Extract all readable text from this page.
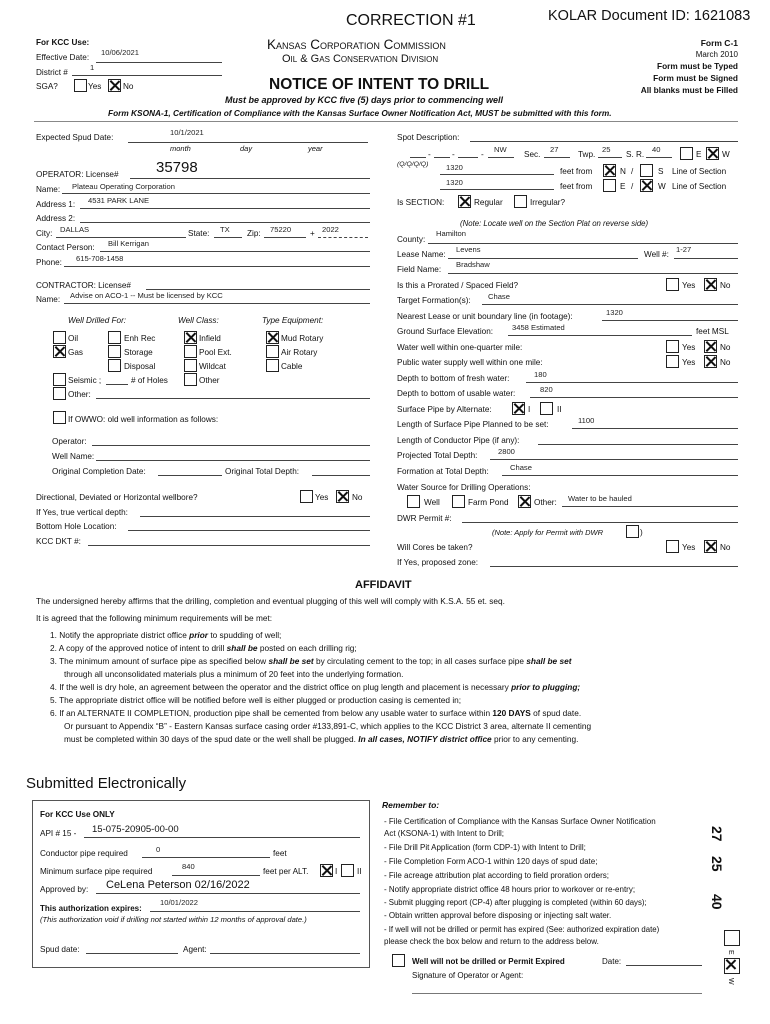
CORRECTION #1	KOLAR Document ID: 1621083
Kansas Corporation Commission
Oil & Gas Conservation Division
NOTICE OF INTENT TO DRILL
Form C-1
March 2010
Form must be Typed
Form must be Signed
All blanks must be Filled
For KCC Use:
Effective Date:
10/06/2021
District #
1
SGA?	Yes	No
Must be approved by KCC five (5) days prior to commencing well
Form KSONA-1, Certification of Compliance with the Kansas Surface Owner Notification Act, MUST be submitted with this form.
Expected Spud Date:
10/1/2021
month	day	year
OPERATOR: License# 35798
Name: Plateau Operating Corporation
Address 1: 4531 PARK LANE
Address 2:
City: DALLAS	State: TX Zip: 75220 + 2022
Contact Person: Bill Kerrigan
Phone: 615-708-1458
CONTRACTOR: License#
Name: Advise on ACO-1 -- Must be licensed by KCC
Well Drilled For:	Well Class:	Type Equipment:
Oil	Enh Rec	Infield	Mud Rotary
Gas	Storage	Pool Ext.	Air Rotary
Disposal	Wildcat	Cable
Seismic ;	# of Holes	Other
Other:
If OWWO: old well information as follows:
Operator:
Well Name:
Original Completion Date:	Original Total Depth:
Directional, Deviated or Horizontal wellbore?	Yes	No
If Yes, true vertical depth:
Bottom Hole Location:
KCC DKT #:
Spot Description:
-	-	-
NW
Sec.
27
Twp.
25
S. R.
40
E	W
(Q/Q/Q/Q) 1320	feet from	N /	S Line of Section
1320	feet from	E /	W Line of Section
Is SECTION:	Regular	Irregular?
(Note: Locate well on the Section Plat on reverse side)
County:
Hamilton
Lease Name:
Levens
Well #:
1-27
Field Name:
Bradshaw
Is this a Prorated / Spaced Field?	Yes	No
Target Formation(s): Chase
Nearest Lease or unit boundary line (in footage):	1320
Ground Surface Elevation: 3458 Estimated	feet MSL
Water well within one-quarter mile:	Yes	No
Public water supply well within one mile:	Yes	No
Depth to bottom of fresh water:	180
Depth to bottom of usable water:	820
Surface Pipe by Alternate:	I	II
Length of Surface Pipe Planned to be set:	1100
Length of Conductor Pipe (if any):
Projected Total Depth:	2800
Formation at Total Depth:	Chase
Water Source for Drilling Operations:
Well	Farm Pond	Other: Water to be hauled
DWR Permit #:
(Note: Apply for Permit with DWR	)
Will Cores be taken?	Yes	No
If Yes, proposed zone:
AFFIDAVIT

The undersigned hereby affirms that the drilling, completion and eventual plugging of this well will comply with K.S.A. 55 et. seq.

It is agreed that the following minimum requirements will be met:

1. Notify the appropriate district office prior to spudding of well;

2. A copy of the approved notice of intent to drill shall be posted on each drilling rig;

3. The minimum amount of surface pipe as specified below shall be set by circulating cement to the top; in all cases surface pipe shall be set

through all unconsolidated materials plus a minimum of 20 feet into the underlying formation.

4. If the well is dry hole, an agreement between the operator and the district office on plug length and placement is necessary prior to plugging;

5. The appropriate district office will be notified before well is either plugged or production casing is cemented in;

6. If an ALTERNATE II COMPLETION, production pipe shall be cemented from below any usable water to surface within 120 DAYS of spud date.

Or pursuant to Appendix “B” - Eastern Kansas surface casing order #133,891-C, which applies to the KCC District 3 area, alternate II cementing

must be completed within 30 days of the spud date or the well shall be plugged. In all cases, NOTIFY district office prior to any cementing.

Submitted Electronically
For KCC Use ONLY
API # 15 - 15-075-20905-00-00
Conductor pipe required	0	feet
Minimum surface pipe required
840
feet per ALT.	I II
Approved by: CeLena Peterson 02/16/2022
This authorization expires:
10/01/2022
(This authorization void if drilling not started within 12 months of approval date.)
Spud date:	Agent:
Remember to:
- File Certification of Compliance with the Kansas Surface Owner Notification
Act (KSONA-1) with Intent to Drill;
- File Drill Pit Application (form CDP-1) with Intent to Drill;
- File Completion Form ACO-1 within 120 days of spud date;
- File acreage attribution plat according to field proration orders;
- Notify appropriate district office 48 hours prior to workover or re-entry;
- Submit plugging report (CP-4) after plugging is completed (within 60 days);
- Obtain written approval before disposing or injecting salt water.
- If well will not be drilled or permit has expired (See: authorized expiration date)
please check the box below and return to the address below.
Well will not be drilled or Permit Expired	Date:
Signature of Operator or Agent:
27
25
40
E
W
